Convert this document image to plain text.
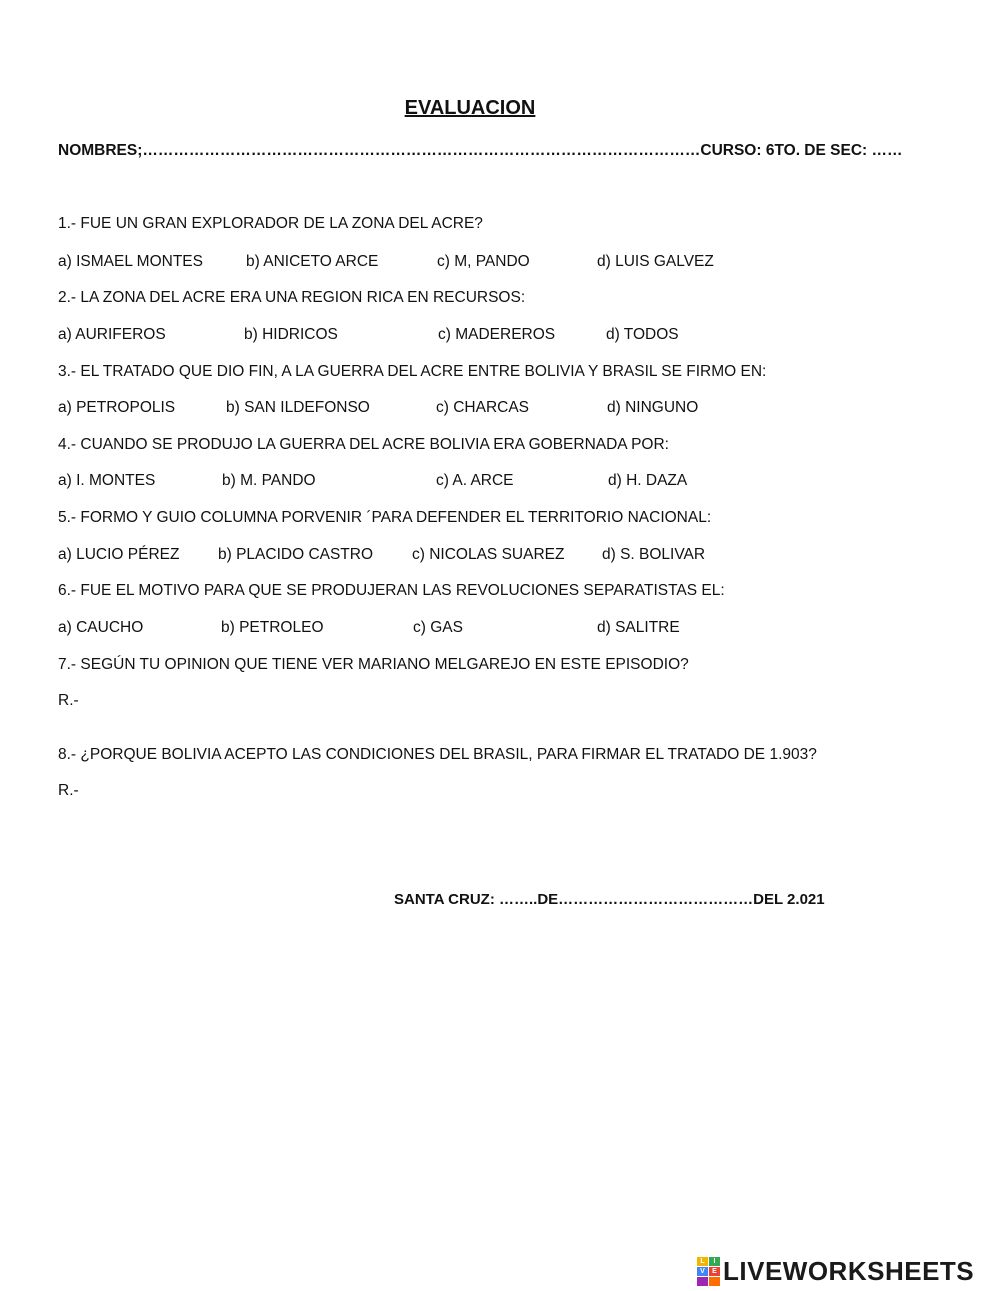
EVALUACION
NOMBRES;………………………………………………………………………………………………CURSO: 6TO. DE SEC: ……
1.- FUE UN GRAN EXPLORADOR DE LA ZONA DEL ACRE?
a) ISMAEL MONTES	b) ANICETO ARCE	c) M, PANDO	d) LUIS GALVEZ
2.- LA ZONA DEL ACRE ERA UNA REGION RICA EN RECURSOS:
a) AURIFEROS	b) HIDRICOS	c) MADEREROS	d) TODOS
3.- EL TRATADO QUE DIO FIN, A LA GUERRA DEL ACRE ENTRE BOLIVIA Y BRASIL SE FIRMO EN:
a) PETROPOLIS	b) SAN ILDEFONSO	c) CHARCAS	d) NINGUNO
4.- CUANDO SE PRODUJO LA GUERRA DEL ACRE BOLIVIA ERA GOBERNADA POR:
a) I. MONTES	b) M. PANDO	c) A. ARCE	d) H. DAZA
5.- FORMO Y GUIO COLUMNA PORVENIR ´PARA DEFENDER EL TERRITORIO NACIONAL:
a) LUCIO PÉREZ b) PLACIDO CASTRO	c) NICOLAS SUAREZ d) S. BOLIVAR
6.- FUE EL MOTIVO PARA QUE SE PRODUJERAN LAS REVOLUCIONES SEPARATISTAS EL:
a) CAUCHO	b) PETROLEO	c) GAS	d) SALITRE
7.- SEGÚN TU OPINION QUE TIENE VER MARIANO MELGAREJO EN ESTE EPISODIO?
R.-
8.- ¿PORQUE BOLIVIA ACEPTO LAS CONDICIONES DEL BRASIL, PARA FIRMAR EL TRATADO DE 1.903?
R.-
SANTA CRUZ: ……..DE…………………………………DEL 2.021
L	I
V	E LIVEWORKSHEETS
